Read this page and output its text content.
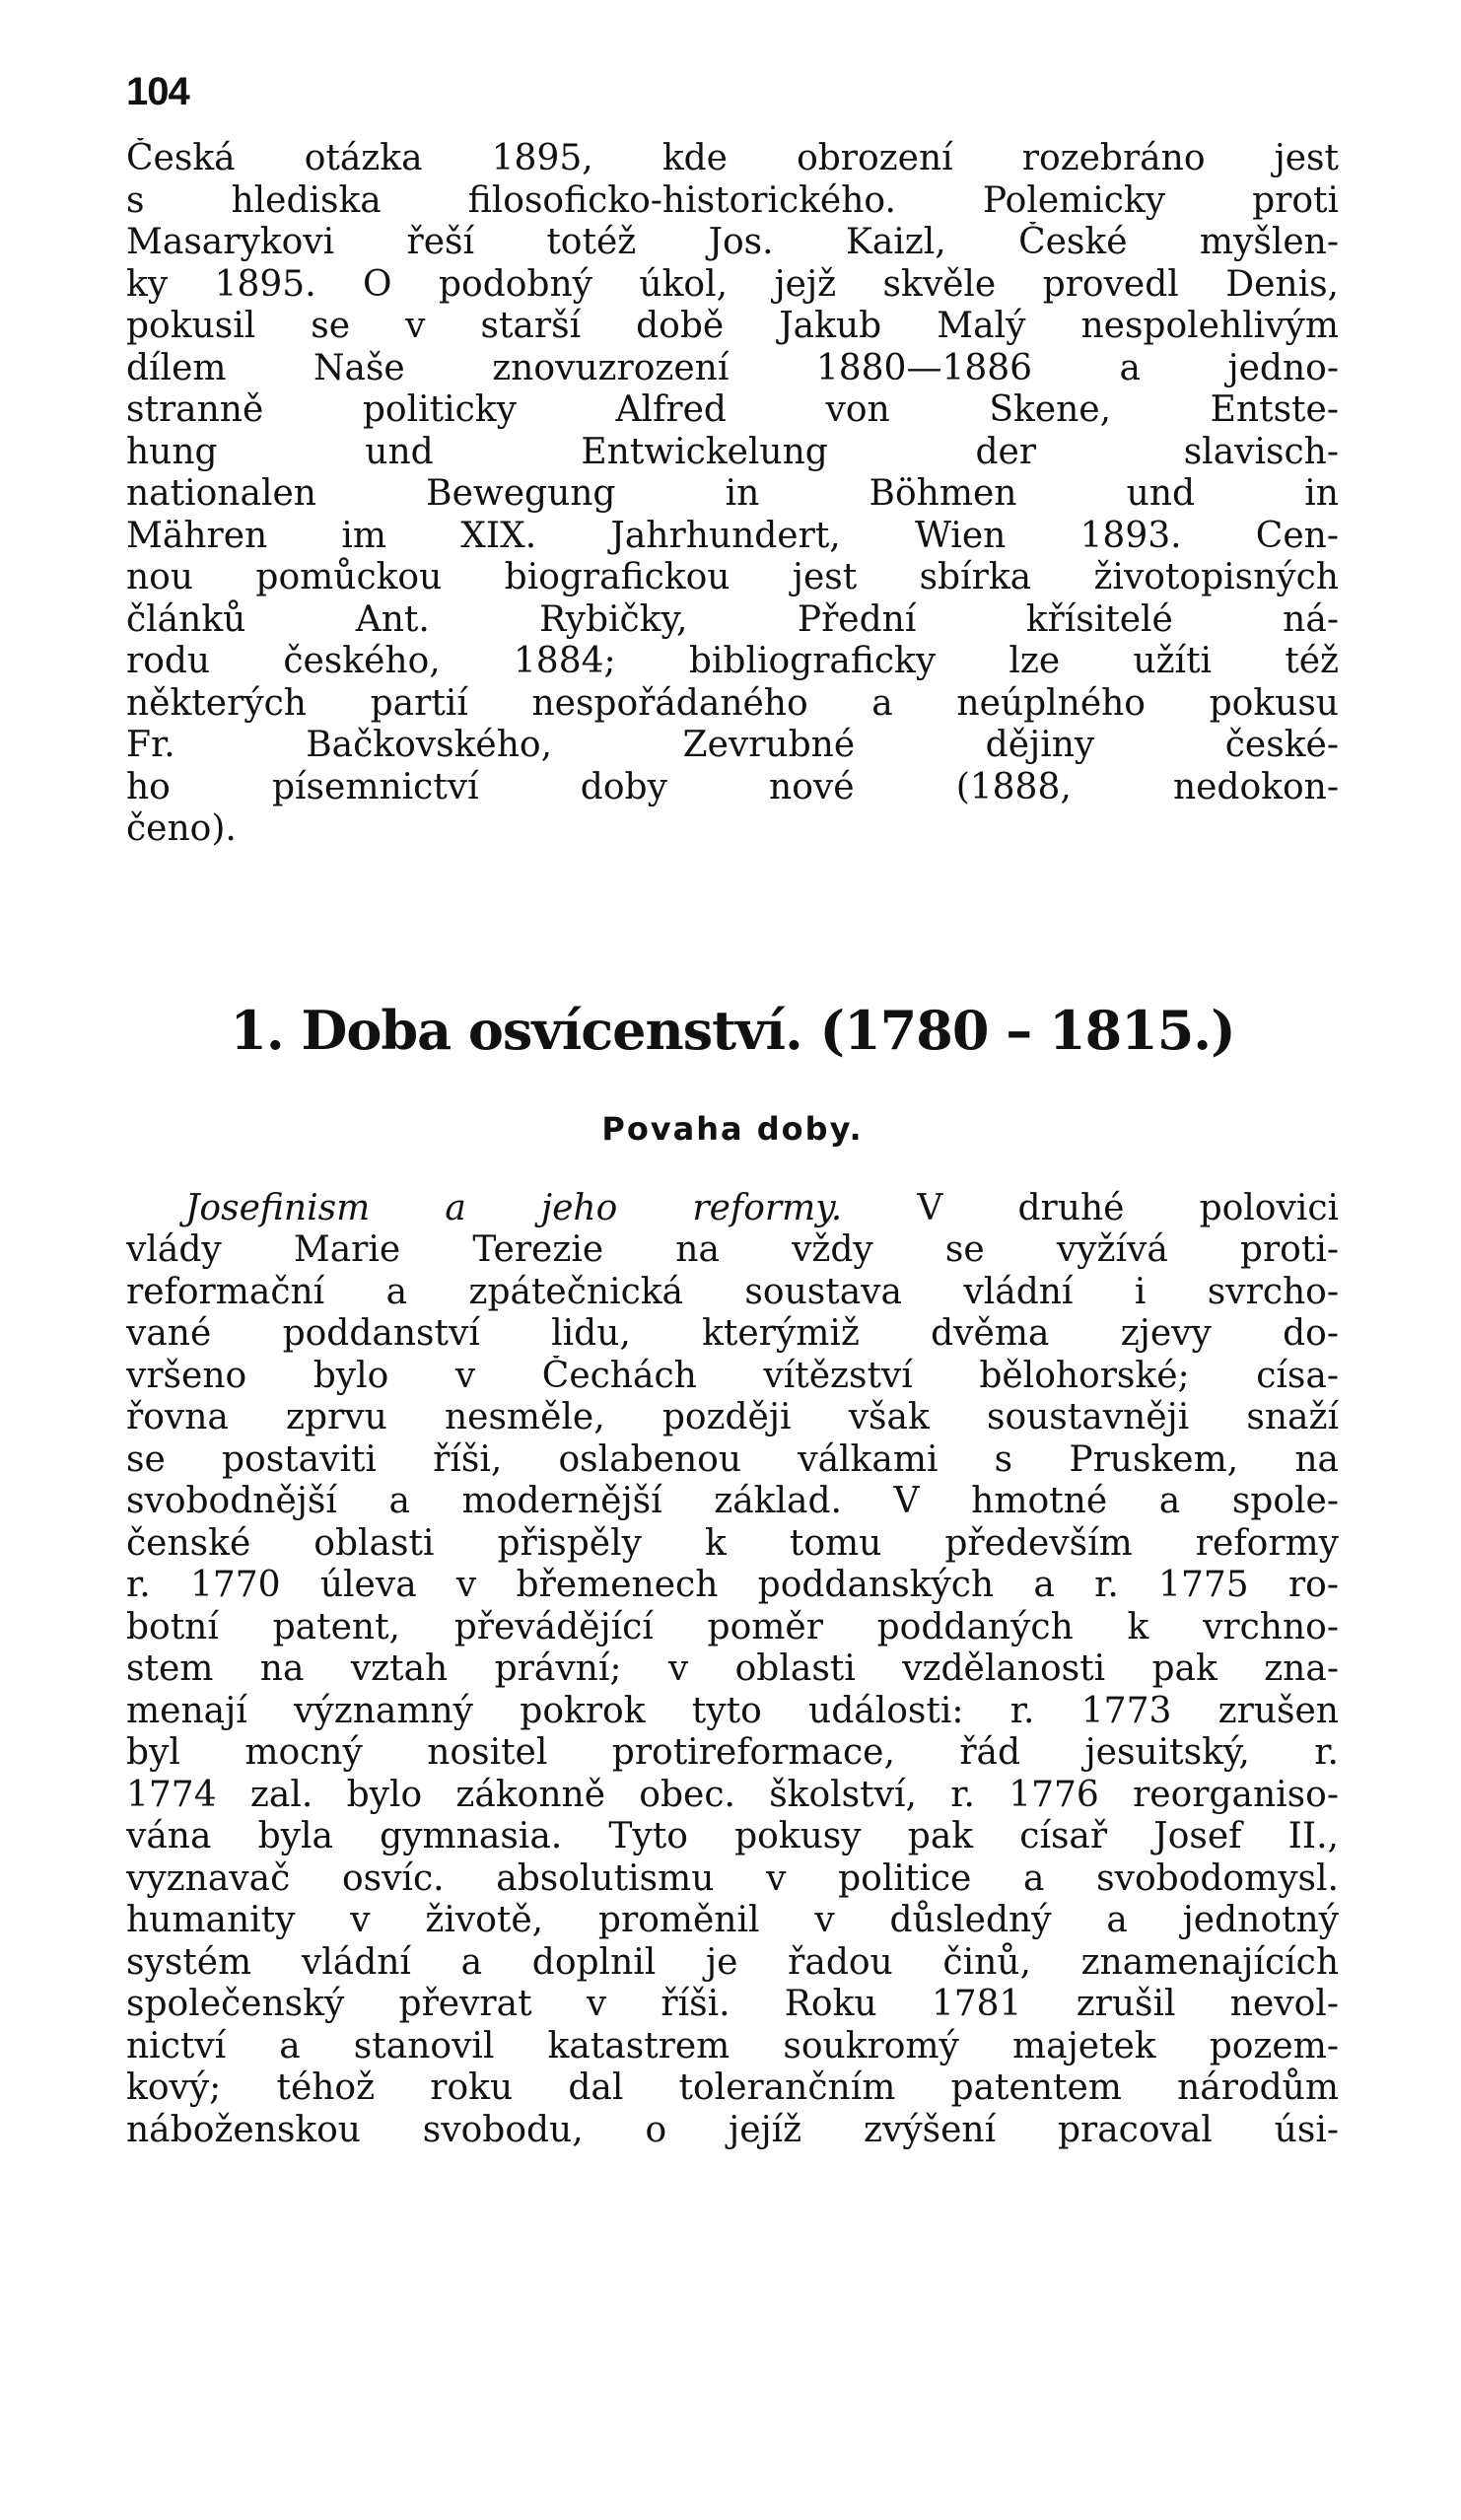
104
Česká otázka 1895, kde obrození rozebráno jest
s hlediska filosoficko-historického. Polemicky proti
Masarykovi řeší totéž Jos. Kaizl, České myšlen-
ky 1895. O podobný úkol, jejž skvěle provedl Denis,
pokusil se v starší době Jakub Malý nespolehlivým
dílem Naše znovuzrození 1880—1886 a jedno-
stranně politicky Alfred von Skene, Entste-
hung und Entwickelung der slavisch-
nationalen Bewegung in Böhmen und in
Mähren im XIX. Jahrhundert, Wien 1893. Cen-
nou pomůckou biografickou jest sbírka životopisných
článků Ant. Rybičky, Přední křísitelé ná-
rodu českého, 1884; bibliograficky lze užíti též
některých partií nespořádaného a neúplného pokusu
Fr. Bačkovského, Zevrubné dějiny české-
ho písemnictví doby nové (1888, nedokon-
čeno).
1. Doba osvícenství. (1780 – 1815.)
Povaha doby.
Josefinism a jeho reformy. V druhé polovici
vlády Marie Terezie na vždy se vyžívá proti-
reformační a zpátečnická soustava vládní i svrcho-
vané poddanství lidu, kterýmiž dvěma zjevy do-
vršeno bylo v Čechách vítězství bělohorské; císa-
řovna zprvu nesměle, později však soustavněji snaží
se postaviti říši, oslabenou válkami s Pruskem, na
svobodnější a modernější základ. V hmotné a spole-
čenské oblasti přispěly k tomu především reformy
r. 1770 úleva v břemenech poddanských a r. 1775 ro-
botní patent, převádějící poměr poddaných k vrchno-
stem na vztah právní; v oblasti vzdělanosti pak zna-
menají významný pokrok tyto události: r. 1773 zrušen
byl mocný nositel protireformace, řád jesuitský, r.
1774 zal. bylo zákonně obec. školství, r. 1776 reorganiso-
vána byla gymnasia. Tyto pokusy pak císař Josef II.,
vyznavač osvíc. absolutismu v politice a svobodomysl.
humanity v životě, proměnil v důsledný a jednotný
systém vládní a doplnil je řadou činů, znamenajících
společenský převrat v říši. Roku 1781 zrušil nevol-
nictví a stanovil katastrem soukromý majetek pozem-
kový; téhož roku dal tolerančním patentem národům
náboženskou svobodu, o jejíž zvýšení pracoval úsi-
